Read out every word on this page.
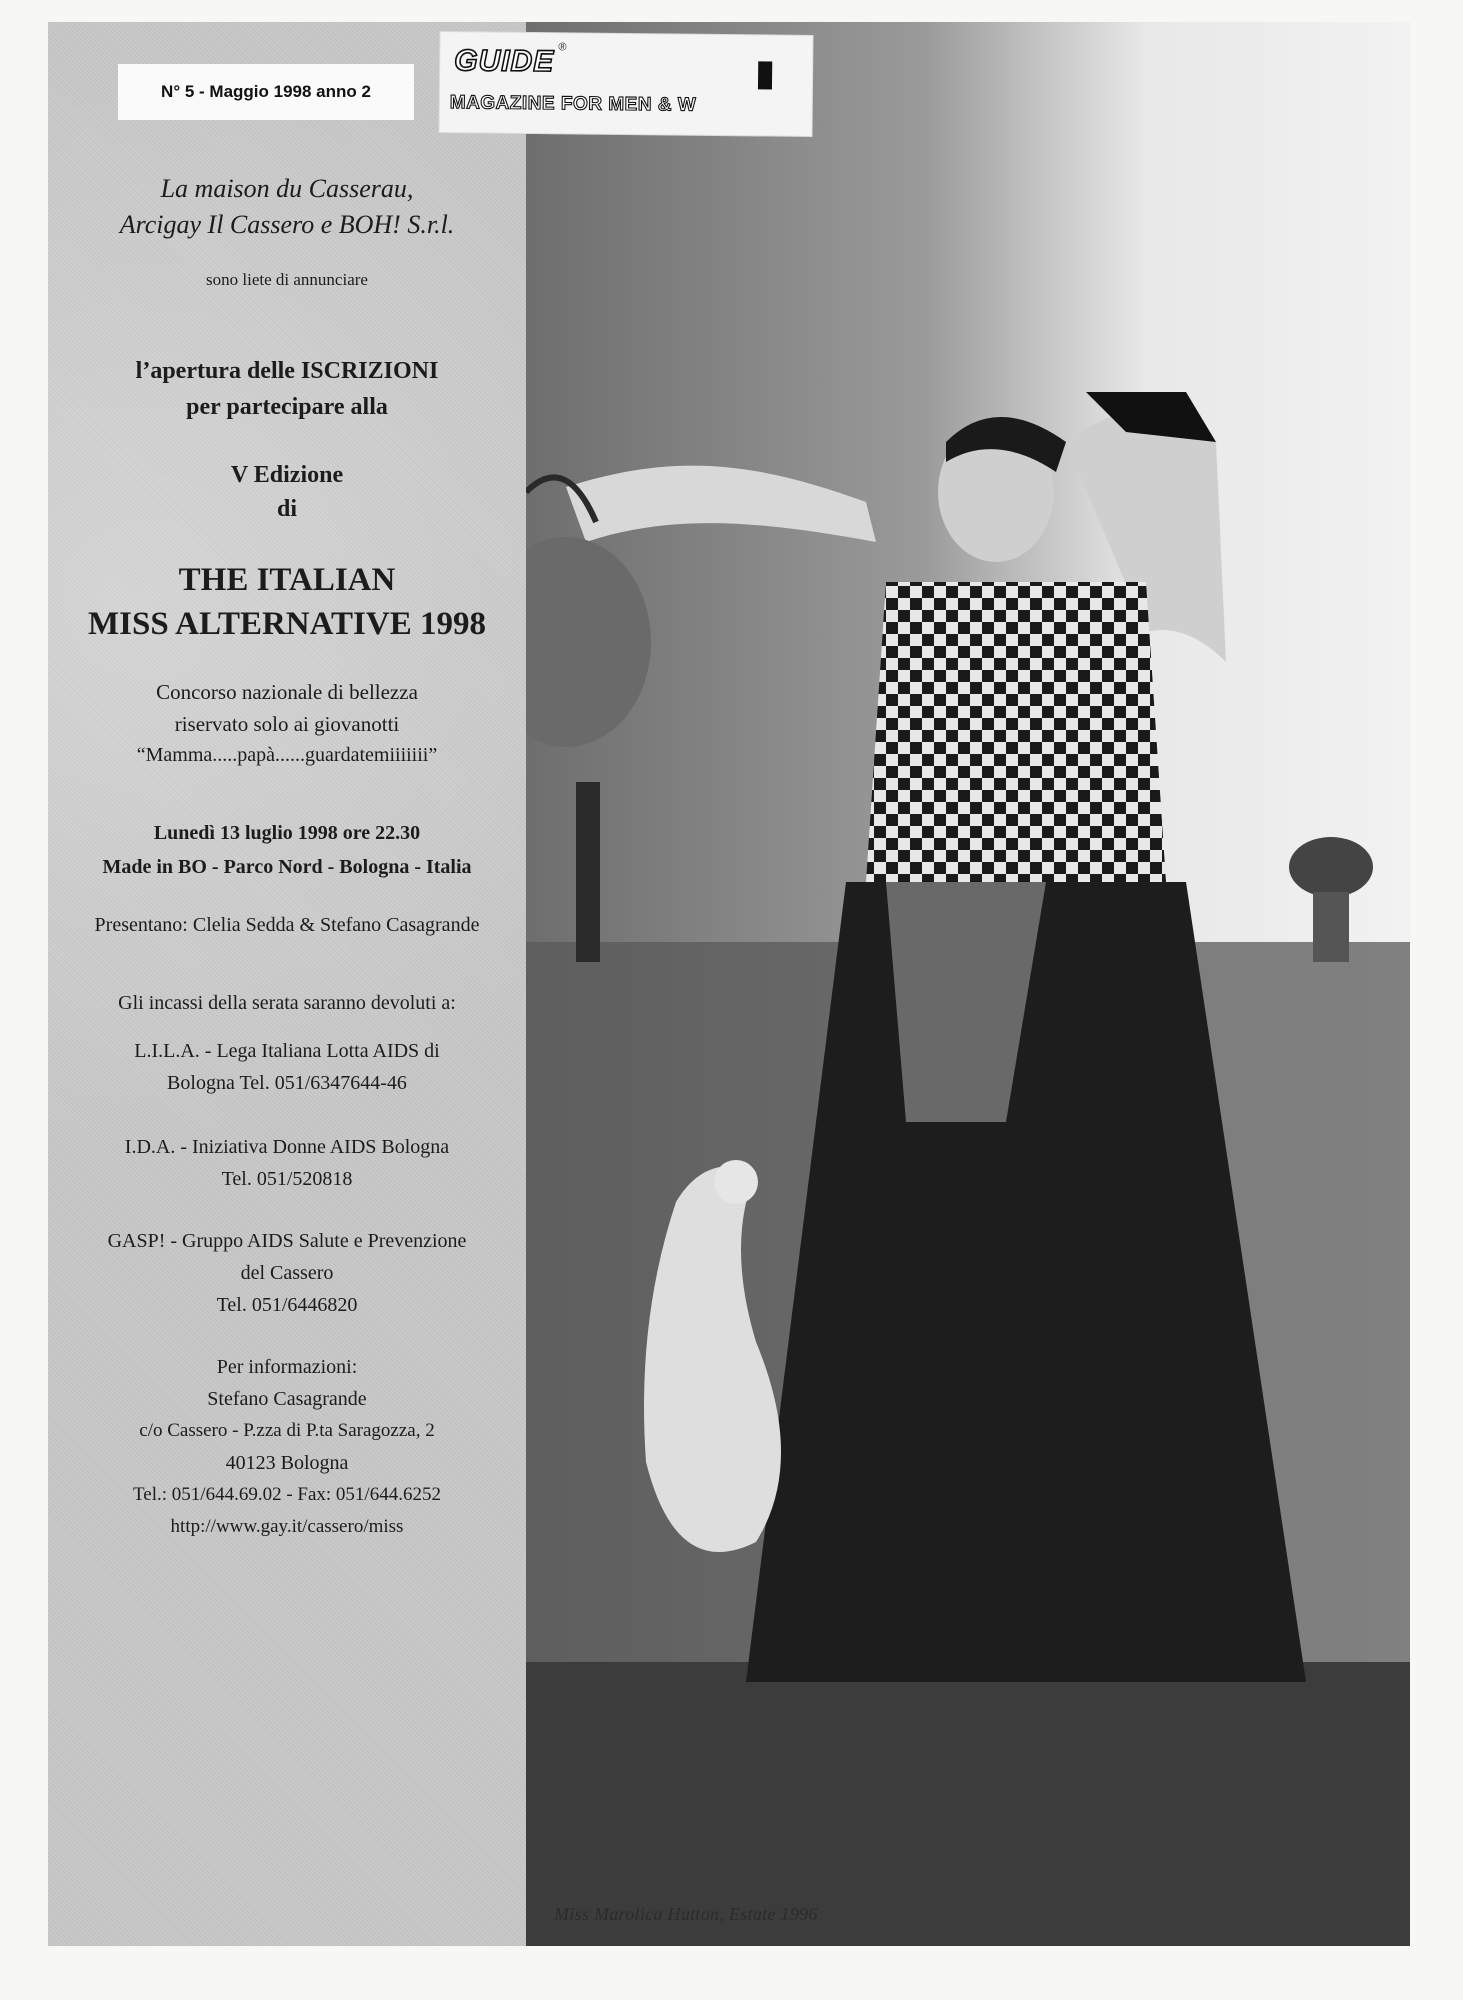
N° 5 - Maggio 1998 anno 2
La maison du Casserau,
Arcigay Il Cassero e BOH! S.r.l.
sono liete di annunciare
l’apertura delle ISCRIZIONI
per partecipare alla
V Edizione
di
THE ITALIAN
MISS ALTERNATIVE 1998
Concorso nazionale di bellezza
riservato solo ai giovanotti
“Mamma.....papà......guardatemiiiiiii”
Lunedì 13 luglio 1998 ore 22.30
Made in BO - Parco Nord - Bologna - Italia
Presentano: Clelia Sedda & Stefano Casagrande
Gli incassi della serata saranno devoluti a:
L.I.L.A. - Lega Italiana Lotta AIDS di
Bologna Tel. 051/6347644-46
I.D.A. - Iniziativa Donne AIDS Bologna
Tel. 051/520818
GASP! - Gruppo AIDS Salute e Prevenzione
del Cassero
Tel. 051/6446820
Per informazioni:
Stefano Casagrande
c/o Cassero - P.zza di P.ta Saragozza, 2
40123 Bologna
Tel.: 051/644.69.02 - Fax: 051/644.6252
http://www.gay.it/cassero/miss
Miss Marolica Hutton, Estate 1996
GUIDE ®
MAGAZINE FOR MEN & W
